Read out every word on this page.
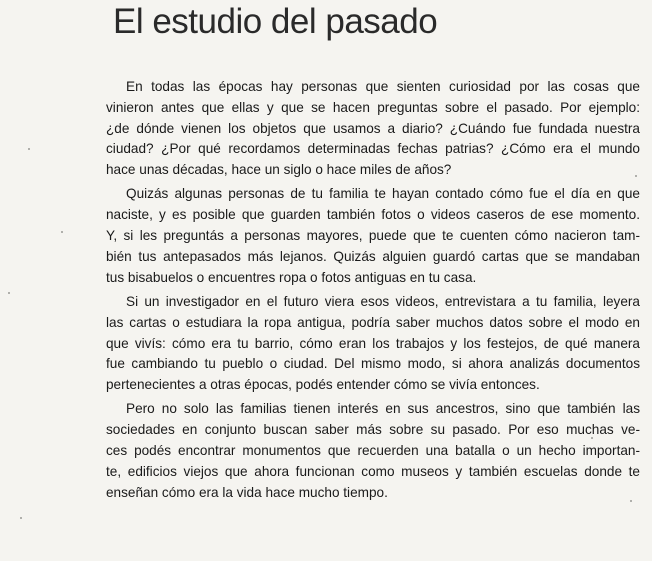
El estudio del pasado

En todas las épocas hay personas que sienten curiosidad por las cosas que
vinieron antes que ellas y que se hacen preguntas sobre el pasado. Por ejemplo:
¿de dónde vienen los objetos que usamos a diario? ¿Cuándo fue fundada nuestra
ciudad? ¿Por qué recordamos determinadas fechas patrias? ¿Cómo era el mundo
hace unas décadas, hace un siglo o hace miles de años?

Quizás algunas personas de tu familia te hayan contado cómo fue el día en que
naciste, y es posible que guarden también fotos o videos caseros de ese momento.
Y, si les preguntás a personas mayores, puede que te cuenten cómo nacieron tam-
bién tus antepasados más lejanos. Quizás alguien guardó cartas que se mandaban
tus bisabuelos o encuentres ropa o fotos antiguas en tu casa.

Si un investigador en el futuro viera esos videos, entrevistara a tu familia, leyera
las cartas o estudiara la ropa antigua, podría saber muchos datos sobre el modo en
que vivís: cómo era tu barrio, cómo eran los trabajos y los festejos, de qué manera
fue cambiando tu pueblo o ciudad. Del mismo modo, si ahora analizás documentos
pertenecientes a otras épocas, podés entender cómo se vivía entonces.

Pero no solo las familias tienen interés en sus ancestros, sino que también las
sociedades en conjunto buscan saber más sobre su pasado. Por eso muchas ve-
ces podés encontrar monumentos que recuerden una batalla o un hecho importan-
te, edificios viejos que ahora funcionan como museos y también escuelas donde te
enseñan cómo era la vida hace mucho tiempo.
